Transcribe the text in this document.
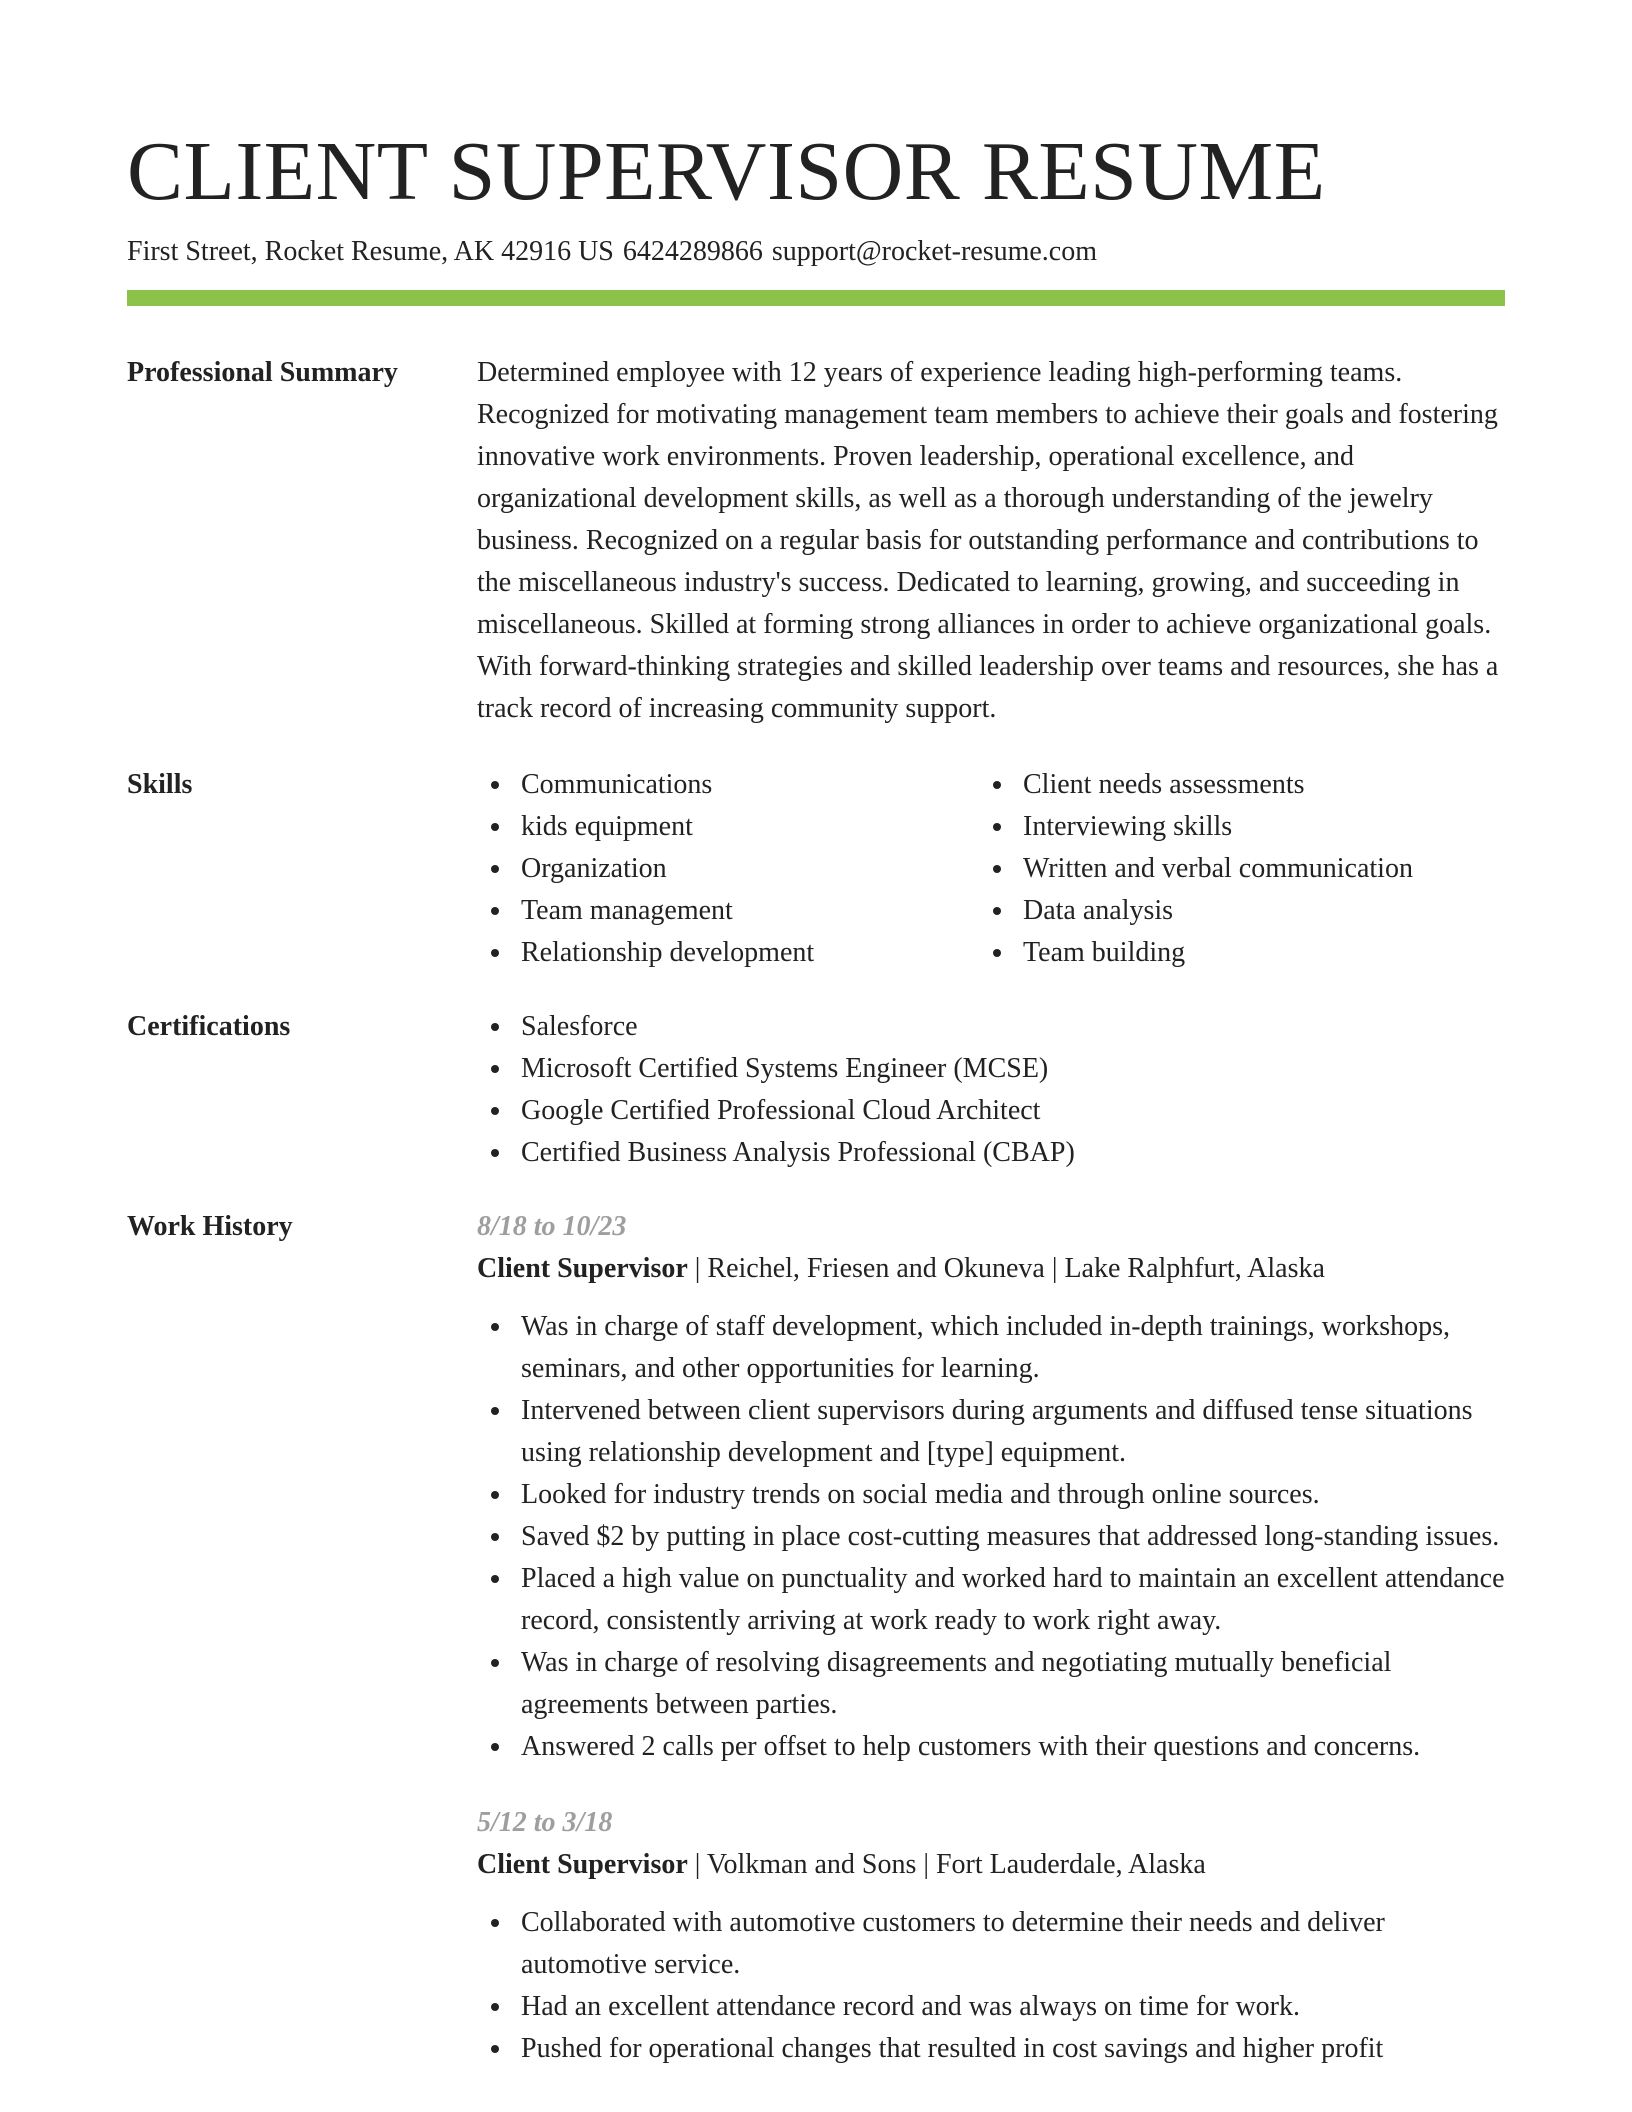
CLIENT SUPERVISOR RESUME

First Street, Rocket Resume, AK 42916 US 6424289866 support@rocket-resume.com

Professional Summary	Determined employee with 12 years of experience leading high-performing teams. Recognized for motivating management team members to achieve their goals and fostering innovative work environments. Proven leadership, operational excellence, and organizational development skills, as well as a thorough understanding of the jewelry business. Recognized on a regular basis for outstanding performance and contributions to the miscellaneous industry's success. Dedicated to learning, growing, and succeeding in miscellaneous. Skilled at forming strong alliances in order to achieve organizational goals. With forward-thinking strategies and skilled leadership over teams and resources, she has a track record of increasing community support.

Skills	Communications
kids equipment
Organization
Team management
Relationship development
Client needs assessments
Interviewing skills
Written and verbal communication
Data analysis
Team building
Certifications	Salesforce
Microsoft Certified Systems Engineer (MCSE)
Google Certified Professional Cloud Architect
Certified Business Analysis Professional (CBAP)
Work History	8/18 to 10/23
Client Supervisor | Reichel, Friesen and Okuneva | Lake Ralphfurt, Alaska
Was in charge of staff development, which included in-depth trainings, workshops, seminars, and other opportunities for learning.
Intervened between client supervisors during arguments and diffused tense situations using relationship development and [type] equipment.
Looked for industry trends on social media and through online sources.
Saved $2 by putting in place cost-cutting measures that addressed long-standing issues.
Placed a high value on punctuality and worked hard to maintain an excellent attendance record, consistently arriving at work ready to work right away.
Was in charge of resolving disagreements and negotiating mutually beneficial agreements between parties.
Answered 2 calls per offset to help customers with their questions and concerns.
5/12 to 3/18
Client Supervisor | Volkman and Sons | Fort Lauderdale, Alaska
Collaborated with automotive customers to determine their needs and deliver automotive service.
Had an excellent attendance record and was always on time for work.
Pushed for operational changes that resulted in cost savings and higher profit
